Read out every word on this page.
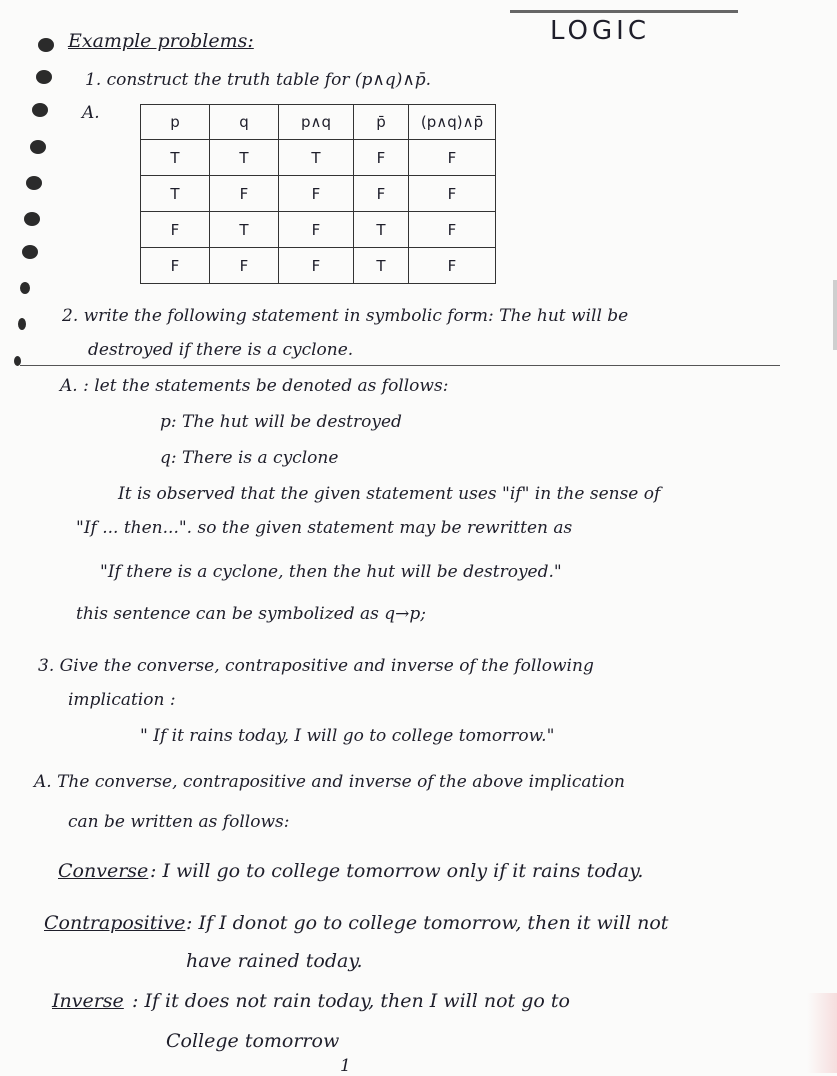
Example problems:	LOGIC
1. construct the truth table for (p∧q)∧p̄.
A.	p	q	p∧q	p̄	(p∧q)∧p̄
T	T	T	F	F
T	F	F	F	F
F	T	F	T	F
F	F	F	T	F
2. write the following statement in symbolic form: The hut will be
destroyed if there is a cyclone.
A. : let the statements be denoted as follows:
p: The hut will be destroyed
q: There is a cyclone
It is observed that the given statement uses "if" in the sense of
"If ... then...". so the given statement may be rewritten as
"If there is a cyclone, then the hut will be destroyed."
this sentence can be symbolized as q→p;
3. Give the converse, contrapositive and inverse of the following
implication :
" If it rains today, I will go to college tomorrow."
A. The converse, contrapositive and inverse of the above implication
can be written as follows:
Converse : I will go to college tomorrow only if it rains today.
Contrapositive : If I donot go to college tomorrow, then it will not
have rained today.
Inverse : If it does not rain today, then I will not go to
College tomorrow
1
